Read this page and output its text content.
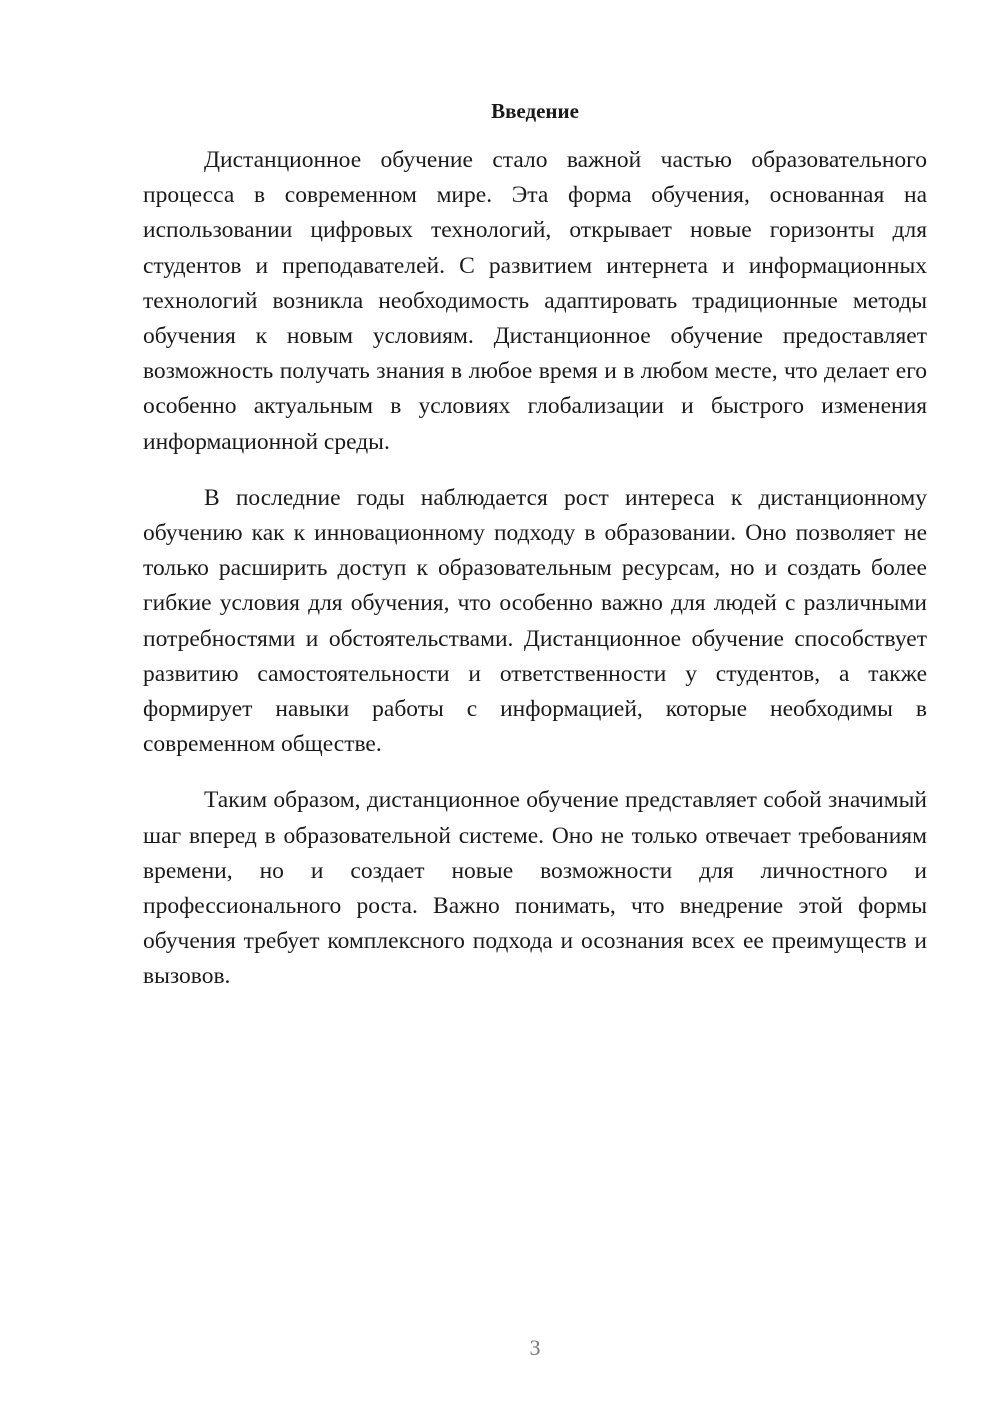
Введение

Дистанционное обучение стало важной частью образовательного процесса в современном мире. Эта форма обучения, основанная на использовании цифровых технологий, открывает новые горизонты для студентов и преподавателей. С развитием интернета и информационных технологий возникла необходимость адаптировать традиционные методы обучения к новым условиям. Дистанционное обучение предоставляет возможность получать знания в любое время и в любом месте, что делает его особенно актуальным в условиях глобализации и быстрого изменения информационной среды.

В последние годы наблюдается рост интереса к дистанционному обучению как к инновационному подходу в образовании. Оно позволяет не только расширить доступ к образовательным ресурсам, но и создать более гибкие условия для обучения, что особенно важно для людей с различными потребностями и обстоятельствами. Дистанционное обучение способствует развитию самостоятельности и ответственности у студентов, а также формирует навыки работы с информацией, которые необходимы в современном обществе.

Таким образом, дистанционное обучение представляет собой значимый шаг вперед в образовательной системе. Оно не только отвечает требованиям времени, но и создает новые возможности для личностного и профессионального роста. Важно понимать, что внедрение этой формы обучения требует комплексного подхода и осознания всех ее преимуществ и вызовов.

3
